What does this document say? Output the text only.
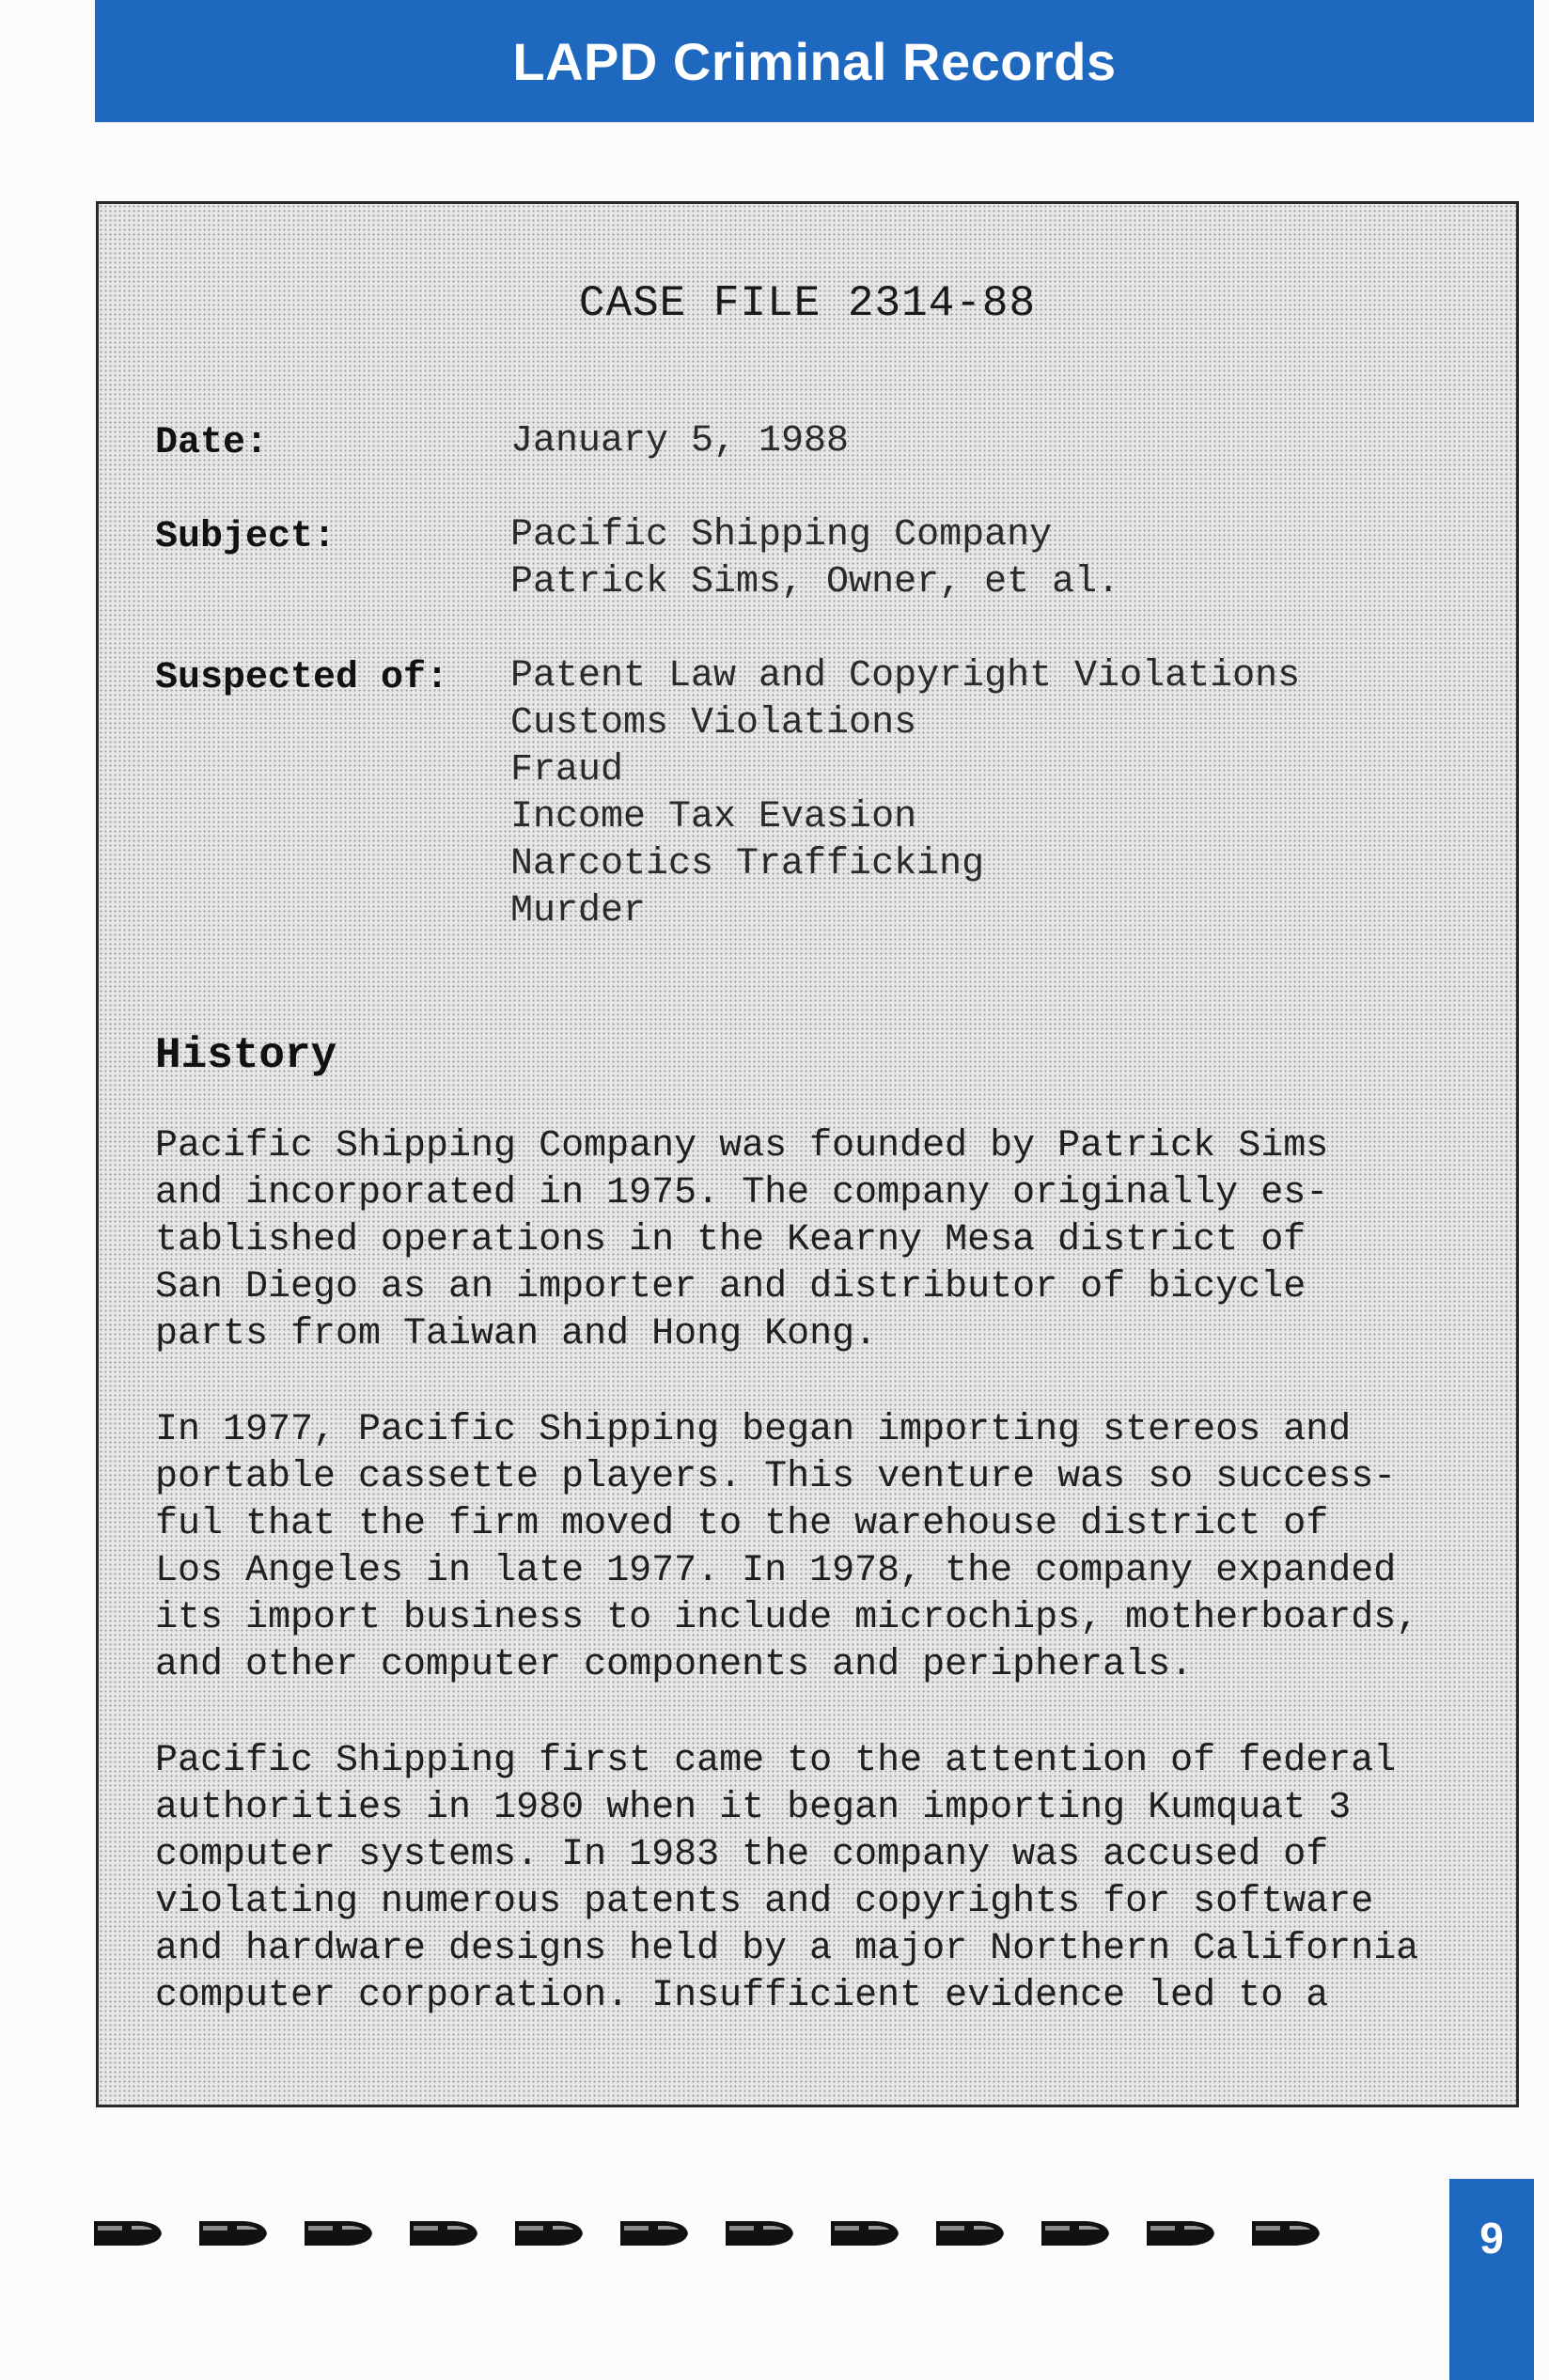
LAPD Criminal Records
CASE FILE 2314-88
Date:	January 5, 1988
Subject:	Pacific Shipping Company
Patrick Sims, Owner, et al.
Suspected of: Patent Law and Copyright Violations
Customs Violations
Fraud
Income Tax Evasion
Narcotics Trafficking
Murder
History
Pacific Shipping Company was founded by Patrick Sims
and incorporated in 1975. The company originally es-
tablished operations in the Kearny Mesa district of
San Diego as an importer and distributor of bicycle
parts from Taiwan and Hong Kong.
In 1977, Pacific Shipping began importing stereos and
portable cassette players. This venture was so success-
ful that the firm moved to the warehouse district of
Los Angeles in late 1977. In 1978, the company expanded
its import business to include microchips, motherboards,
and other computer components and peripherals.
Pacific Shipping first came to the attention of federal
authorities in 1980 when it began importing Kumquat 3
computer systems. In 1983 the company was accused of
violating numerous patents and copyrights for software
and hardware designs held by a major Northern California
computer corporation. Insufficient evidence led to a
9
